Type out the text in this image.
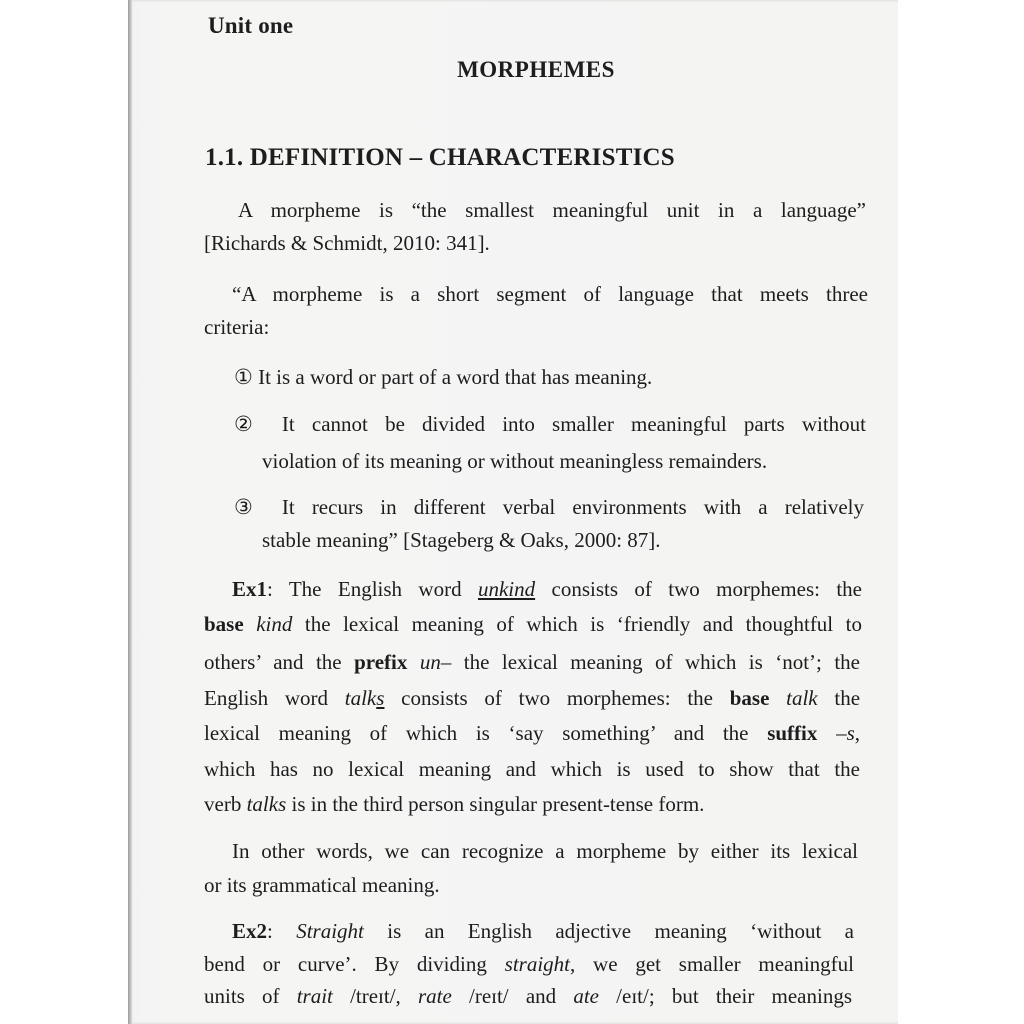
Unit one
MORPHEMES
1.1. DEFINITION – CHARACTERISTICS
A morpheme is “the smallest meaningful unit in a language”
[Richards & Schmidt, 2010: 341].
“A morpheme is a short segment of language that meets three
criteria:
① It is a word or part of a word that has meaning.
② It cannot be divided into smaller meaningful parts without
violation of its meaning or without meaningless remainders.
③ It recurs in different verbal environments with a relatively
stable meaning” [Stageberg & Oaks, 2000: 87].
Ex1: The English word unkind consists of two morphemes: the
base kind the lexical meaning of which is ‘friendly and thoughtful to
others’ and the prefix un– the lexical meaning of which is ‘not’; the
English word talks consists of two morphemes: the base talk the
lexical meaning of which is ‘say something’ and the suffix –s,
which has no lexical meaning and which is used to show that the
verb talks is in the third person singular present-tense form.
In other words, we can recognize a morpheme by either its lexical
or its grammatical meaning.
Ex2: Straight is an English adjective meaning ‘without a
bend or curve’. By dividing straight, we get smaller meaningful
units of trait /treɪt/, rate /reɪt/ and ate /eɪt/; but their meanings
